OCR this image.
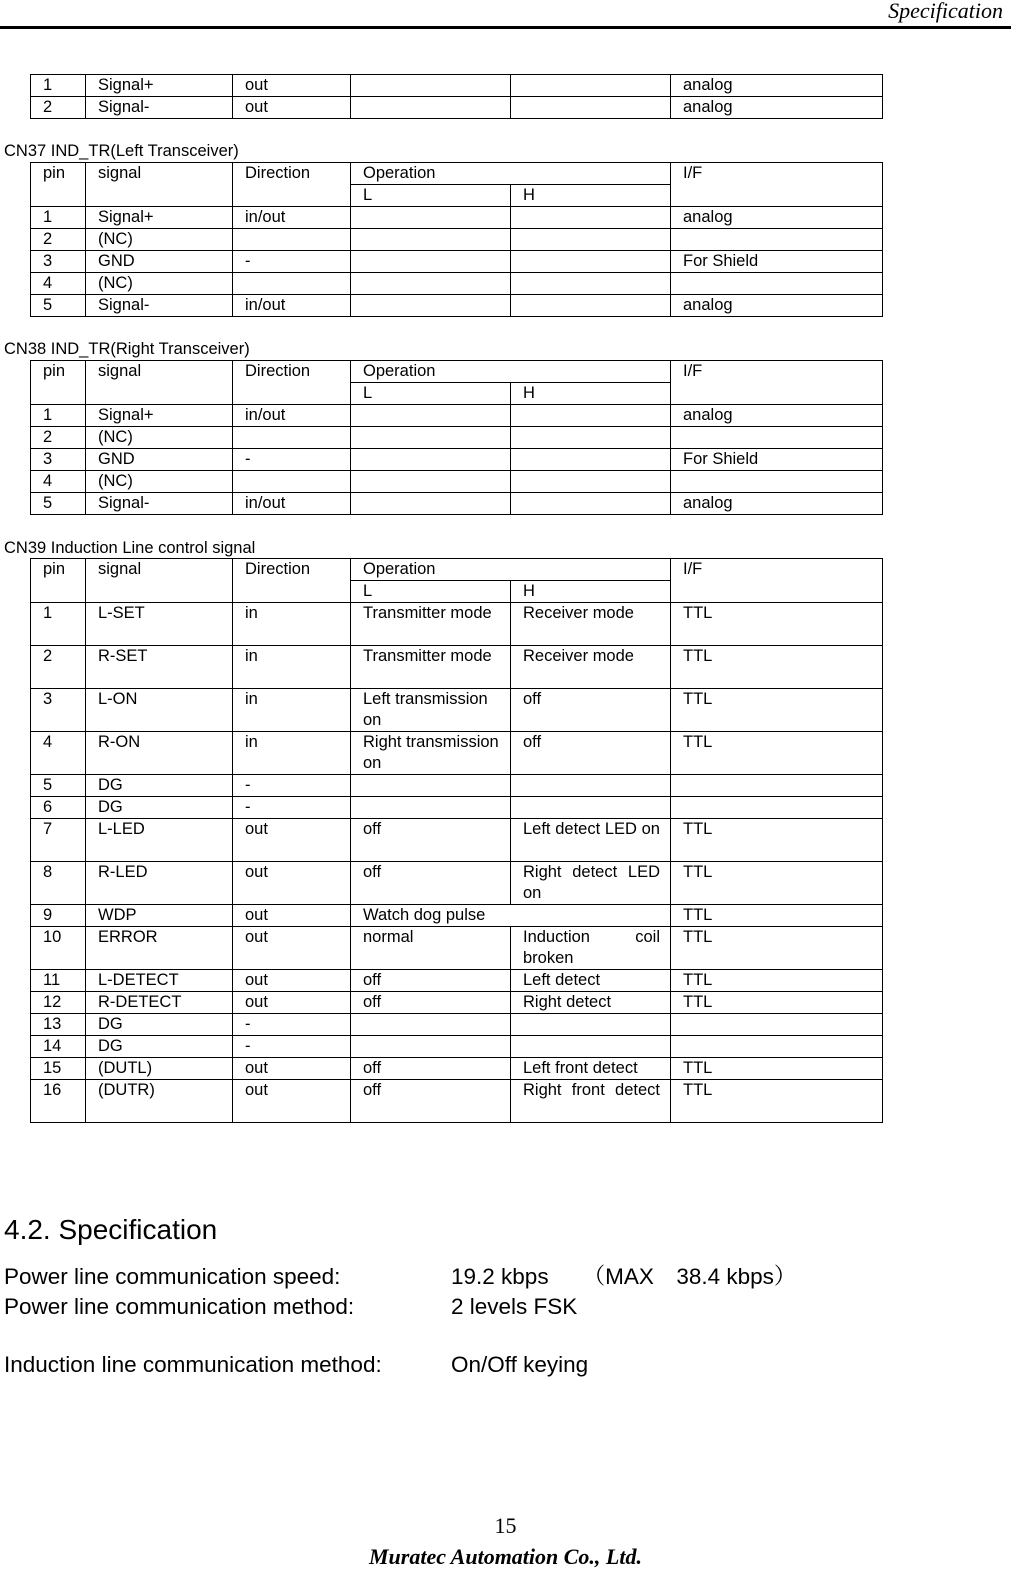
Specification
1	Signal+	out			analog
2	Signal-	out			analog
CN37 IND_TR(Left Transceiver)
pin	signal	Direction	Operation		I/F
			L	H	
1	Signal+	in/out			analog
2	(NC)				
3	GND	-			For Shield
4	(NC)				
5	Signal-	in/out			analog
CN38 IND_TR(Right Transceiver)
pin	signal	Direction	Operation		I/F
			L	H	
1	Signal+	in/out			analog
2	(NC)				
3	GND	-			For Shield
4	(NC)				
5	Signal-	in/out			analog
CN39 Induction Line control signal
pin	signal	Direction	Operation		I/F
			L	H	
1	L-SET	in	Transmitter mode	Receiver mode	TTL
2	R-SET	in	Transmitter mode	Receiver mode	TTL
3	L-ON	in	Left transmission on	off	TTL
4	R-ON	in	Right transmission on	off	TTL
5	DG	-			
6	DG	-			
7	L-LED	out	off	Left detect LED on	TTL
8	R-LED	out	off	Right detect LED on	TTL
9	WDP	out	Watch dog pulse		TTL
10	ERROR	out	normal	Induction coil broken	TTL
11	L-DETECT	out	off	Left detect	TTL
12	R-DETECT	out	off	Right detect	TTL
13	DG	-			
14	DG	-			
15	(DUTL)	out	off	Left front detect	TTL
16	(DUTR)	out	off	Right front detect	TTL
4.2. Specification
Power line communication speed:	19.2 kbps （MAX　38.4 kbps）
Power line communication method:	2 levels FSK
Induction line communication method:	On/Off keying
15
Muratec Automation Co., Ltd.
